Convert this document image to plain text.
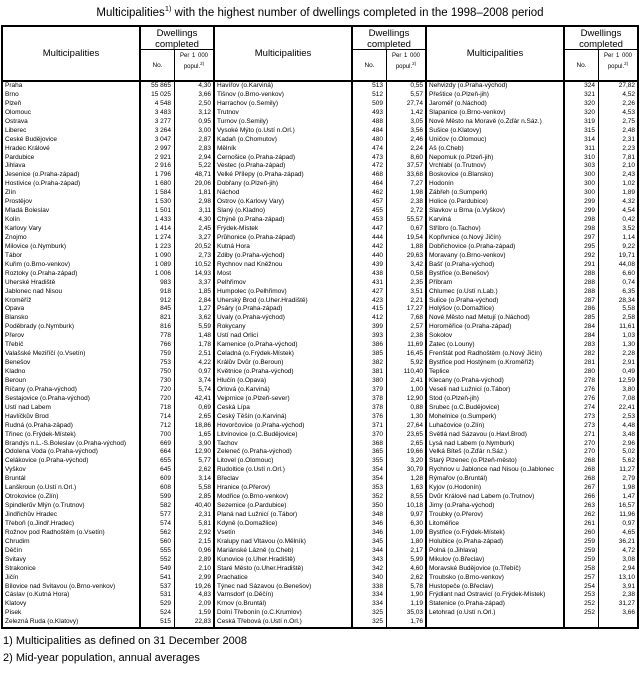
Multicipalities$^{1)}$ with the highest number of dwellings completed in the 1998–2008 period
Multicipalities
Dwellings completed
No.
Per 1 000 popul.$^{2)}$
Praha	55 865	4,30
Brno	15 025	3,66
Plzeň	4 548	2,50
Olomouc	3 483	3,12
Ostrava	3 277	0,95
Liberec	3 264	3,00
České Budějovice	3 047	2,87
Hradec Králové	2 997	2,83
Pardubice	2 921	2,94
Jihlava	2 916	5,22
Jesenice (o.Praha-západ)	1 796	48,71
Hostivice (o.Praha-západ)	1 680	29,06
Zlín	1 584	1,81
Prostějov	1 530	2,98
Mladá Boleslav	1 501	3,11
Kolín	1 433	4,30
Karlovy Vary	1 414	2,45
Znojmo	1 274	3,27
Milovice (o.Nymburk)	1 223	20,52
Tábor	1 090	2,73
Kuřim (o.Brno-venkov)	1 089	10,52
Roztoky (o.Praha-západ)	1 006	14,93
Uherské Hradiště	983	3,37
Jablonec nad Nisou	918	1,85
Kroměříž	912	2,84
Opava	845	1,27
Blansko	821	3,62
Poděbrady (o.Nymburk)	816	5,59
Přerov	778	1,48
Třebíč	766	1,78
Valašské Meziříčí (o.Vsetín)	759	2,51
Benešov	753	4,22
Kladno	750	0,97
Beroun	730	3,74
Říčany (o.Praha-východ)	720	5,74
Šestajovice (o.Praha-východ)	720	42,41
Ústí nad Labem	718	0,69
Havlíčkův Brod	714	2,65
Rudná (o.Praha-západ)	712	18,86
Třinec (o.Frýdek-Místek)	700	1,65
Brandýs n.L.-S.Boleslav (o.Praha-východ)	669	3,90
Odolena Voda (o.Praha-východ)	664	12,90
Čelákovice (o.Praha-východ)	655	5,77
Vyškov	645	2,62
Bruntál	609	3,14
Lanškroun (o.Ústí n.Orl.)	608	5,58
Otrokovice (o.Zlín)	599	2,85
Špindlerův Mlýn (o.Trutnov)	582	40,40
Jindřichův Hradec	577	2,31
Třeboň (o.Jindř.Hradec)	574	5,81
Rožnov pod Radhoštěm (o.Vsetín)	562	2,92
Chrudim	560	2,15
Děčín	555	0,96
Svitavy	552	2,89
Strakonice	549	2,10
Jičín	541	2,99
Bílovice nad Svitavou (o.Brno-venkov)	537	19,26
Čáslav (o.Kutná Hora)	531	4,83
Klatovy	529	2,09
Písek	524	1,59
Železná Ruda (o.Klatovy)	515	22,83
Multicipalities
Dwellings completed
No.
Per 1 000 popul.$^{2)}$
Havířov (o.Karviná)	513	0,55
Tišnov (o.Brno-venkov)	512	5,57
Harrachov (o.Semily)	509	27,74
Trutnov	493	1,42
Turnov (o.Semily)	488	3,05
Vysoké Mýto (o.Ústí n.Orl.)	484	3,56
Kadaň (o.Chomutov)	480	2,46
Mělník	474	2,24
Černošice (o.Praha-západ)	473	8,60
Vestec (o.Praha-západ)	472	37,57
Velké Přílepy (o.Praha-západ)	468	33,68
Dobřany (o.Plzeň-jih)	464	7,27
Náchod	462	1,98
Ostrov (o.Karlovy Vary)	457	2,38
Slaný (o.Kladno)	455	2,72
Chýně (o.Praha-západ)	453	55,57
Frýdek-Místek	447	0,67
Průhonice (o.Praha-západ)	444	19,54
Kutná Hora	442	1,88
Zdiby (o.Praha-východ)	440	29,63
Rychnov nad Kněžnou	439	3,42
Most	438	0,58
Pelhřimov	431	2,35
Humpolec (o.Pelhřimov)	427	3,51
Uherský Brod (o.Uher.Hradiště)	423	2,21
Psáry (o.Praha-západ)	415	17,27
Úvaly (o.Praha-východ)	412	7,68
Rokycany	399	2,57
Ústí nad Orlicí	393	2,38
Kamenice (o.Praha-východ)	386	11,69
Čeladná (o.Frýdek-Místek)	385	16,45
Králův Dvůr (o.Beroun)	382	5,92
Květnice (o.Praha-východ)	381	110,40
Hlučín (o.Opava)	380	2,41
Orlová (o.Karviná)	379	1,00
Vejprnice (o.Plzeň-sever)	378	12,90
Česká Lípa	378	0,88
Český Těšín (o.Karviná)	376	1,30
Hovorčovice (o.Praha-východ)	371	27,64
Litvínovice (o.Č.Budějovice)	370	23,65
Tachov	368	2,65
Zeleneč (o.Praha-východ)	365	19,66
Litovel (o.Olomouc)	355	3,20
Rudoltice (o.Ústí n.Orl.)	354	30,79
Břeclav	354	1,28
Hranice (o.Přerov)	353	1,63
Modřice (o.Brno-venkov)	352	8,55
Sezemice (o.Pardubice)	350	10,18
Planá nad Lužnicí (o.Tábor)	348	9,97
Kdyně (o.Domažlice)	346	6,30
Vsetín	346	1,09
Kralupy nad Vltavou (o.Mělník)	345	1,80
Mariánské Lázně (o.Cheb)	344	2,17
Kunovice (o.Uher.Hradiště)	343	5,99
Staré Město (o.Uher.Hradiště)	342	4,60
Prachatice	340	2,62
Týnec nad Sázavou (o.Benešov)	338	5,78
Varnsdorf (o.Děčín)	334	1,90
Krnov (o.Bruntál)	334	1,19
Dolní Třebonín (o.Č.Krumlov)	325	35,03
Česká Třebová (o.Ústí n.Orl.)	325	1,76
Multicipalities
Dwellings completed
No.
Per 1 000 popul.$^{2)}$
Nehvizdy (o.Praha-východ)	324	27,82
Přeštice (o.Plzeň-jih)	321	4,52
Jaroměř (o.Náchod)	320	2,26
Šlapanice (o.Brno-venkov)	320	4,53
Nové Město na Moravě (o.Žďár n.Sáz.)	319	2,75
Sušice (o.Klatovy)	315	2,48
Uničov (o.Olomouc)	314	2,31
Aš (o.Cheb)	311	2,23
Nepomuk (o.Plzeň-jih)	310	7,81
Vrchlabí (o.Trutnov)	303	2,10
Boskovice (o.Blansko)	300	2,43
Hodonín	300	1,02
Zábřeh (o.Šumperk)	300	1,89
Holice (o.Pardubice)	299	4,32
Slavkov u Brna (o.Vyškov)	299	4,54
Karviná	298	0,42
Stříbro (o.Tachov)	298	3,52
Kopřivnice (o.Nový Jičín)	297	1,14
Dobřichovice (o.Praha-západ)	295	9,22
Moravany (o.Brno-venkov)	292	19,71
Bašť (o.Praha-východ)	291	44,08
Bystřice (o.Benešov)	288	6,60
Příbram	288	0,74
Chlumec (o.Ústí n.Lab.)	288	6,35
Sulice (o.Praha-východ)	287	28,34
Holýšov (o.Domažlice)	286	5,58
Nové Město nad Metují (o.Náchod)	285	2,58
Horoměřice (o.Praha-západ)	284	11,61
Sokolov	284	1,03
Žatec (o.Louny)	283	1,30
Frenštát pod Radhoštěm (o.Nový Jičín)	282	2,28
Bystřice pod Hostýnem (o.Kroměříž)	281	2,91
Teplice	280	0,49
Klecany (o.Praha-východ)	278	12,59
Veselí nad Lužnicí (o.Tábor)	276	3,80
Stod (o.Plzeň-jih)	276	7,08
Srubec (o.Č.Budějovice)	274	22,41
Mohelnice (o.Šumperk)	273	2,53
Luhačovice (o.Zlín)	273	4,48
Světlá nad Sázavou (o.Havl.Brod)	271	3,48
Lysá nad Labem (o.Nymburk)	270	2,96
Velká Bíteš (o.Žďár n.Sáz.)	270	5,02
Starý Plzenec (o.Plzeň-město)	268	5,62
Rychnov u Jablonce nad Nisou (o.Jablonec	268	11,27
Rýmařov (o.Bruntál)	268	2,79
Kyjov (o.Hodonín)	267	1,98
Dvůr Králové nad Labem (o.Trutnov)	266	1,47
Jirny (o.Praha-východ)	263	16,57
Troubky (o.Přerov)	262	11,96
Litoměřice	261	0,97
Bystřice (o.Frýdek-Místek)	260	4,65
Holubice (o.Praha-západ)	259	36,21
Polná (o.Jihlava)	259	4,72
Mikulov (o.Břeclav)	259	3,08
Moravské Budějovice (o.Třebíč)	258	2,94
Troubsko (o.Brno-venkov)	257	13,10
Hustopeče (o.Břeclav)	254	3,91
Frýdlant nad Ostravicí (o.Frýdek-Místek)	253	2,38
Statenice (o.Praha-západ)	252	31,27
Letohrad (o.Ústí n.Orl.)	252	3,66
1) Multicipalities as defined on 31 December 2008
2) Mid-year population, annual averages
